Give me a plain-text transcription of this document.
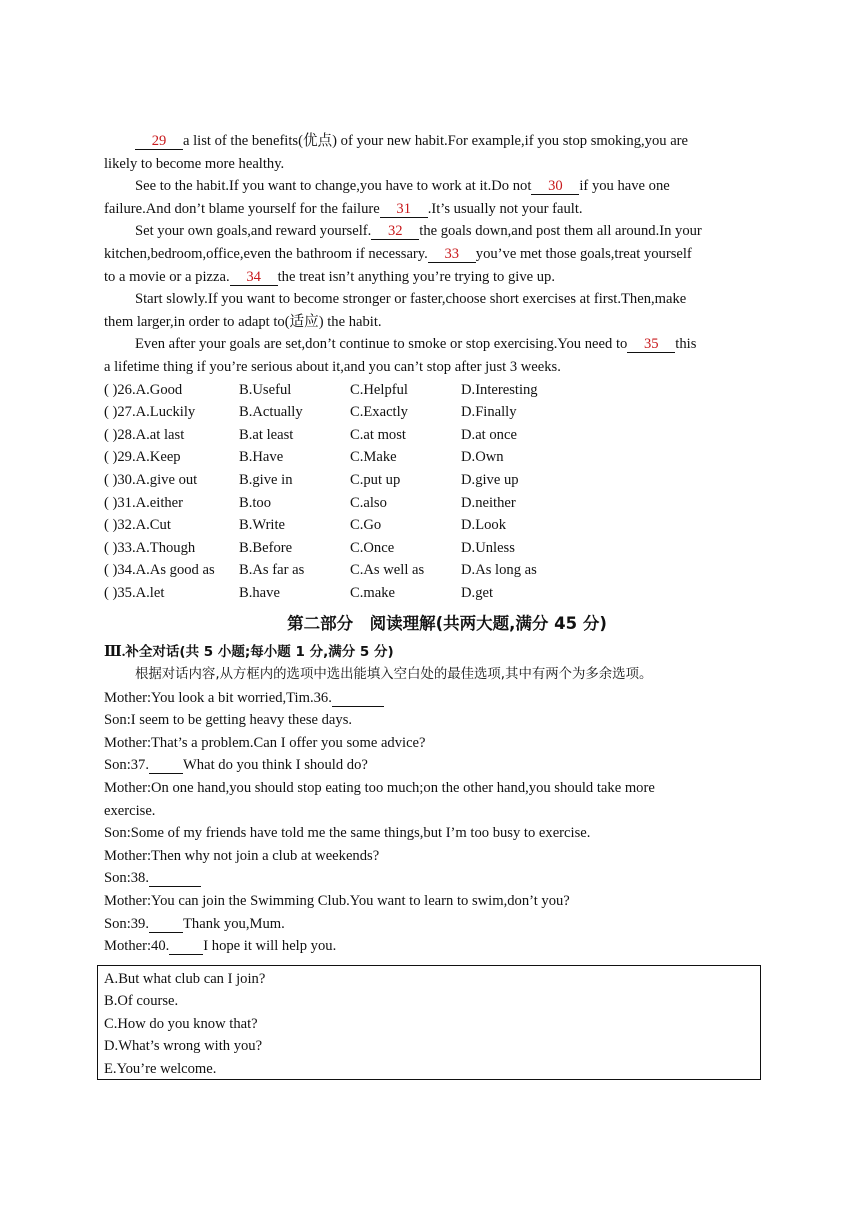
29 a list of the benefits(优点) of your new habit.For example,if you stop smoking,you are
likely to become more healthy.
See to the habit.If you want to change,you have to work at it.Do not 30 if you have one
failure.And don’t blame yourself for the failure 31 .It’s usually not your fault.
Set your own goals,and reward yourself. 32 the goals down,and post them all around.In your
kitchen,bedroom,office,even the bathroom if necessary. 33 you’ve met those goals,treat yourself
to a movie or a pizza. 34 the treat isn’t anything you’re trying to give up.
Start slowly.If you want to become stronger or faster,choose short exercises at first.Then,make
them larger,in order to adapt to(适应) the habit.
Even after your goals are set,don’t continue to smoke or stop exercising.You need to 35 this
a lifetime thing if you’re serious about it,and you can’t stop after just 3 weeks.
( )26.A.Good	B.Useful	C.Helpful	D.Interesting
( )27.A.Luckily	B.Actually	C.Exactly	D.Finally
( )28.A.at last	B.at least	C.at most	D.at once
( )29.A.Keep	B.Have	C.Make	D.Own
( )30.A.give out	B.give in	C.put up	D.give up
( )31.A.either	B.too	C.also	D.neither
( )32.A.Cut	B.Write	C.Go	D.Look
( )33.A.Though	B.Before	C.Once	D.Unless
( )34.A.As good as	B.As far as	C.As well as	D.As long as
( )35.A.let	B.have	C.make	D.get
第二部分　阅读理解(共两大题,满分 45 分)
Ⅲ.补全对话(共 5 小题;每小题 1 分,满分 5 分)
根据对话内容,从方框内的选项中选出能填入空白处的最佳选项,其中有两个为多余选项。
Mother:You look a bit worried,Tim.36.
Son:I seem to be getting heavy these days.
Mother:That’s a problem.Can I offer you some advice?
Son:37. What do you think I should do?
Mother:On one hand,you should stop eating too much;on the other hand,you should take more
exercise.
Son:Some of my friends have told me the same things,but I’m too busy to exercise.
Mother:Then why not join a club at weekends?
Son:38.
Mother:You can join the Swimming Club.You want to learn to swim,don’t you?
Son:39. Thank you,Mum.
Mother:40. I hope it will help you.
A.But what club can I join?
B.Of course.
C.How do you know that?
D.What’s wrong with you?
E.You’re welcome.
